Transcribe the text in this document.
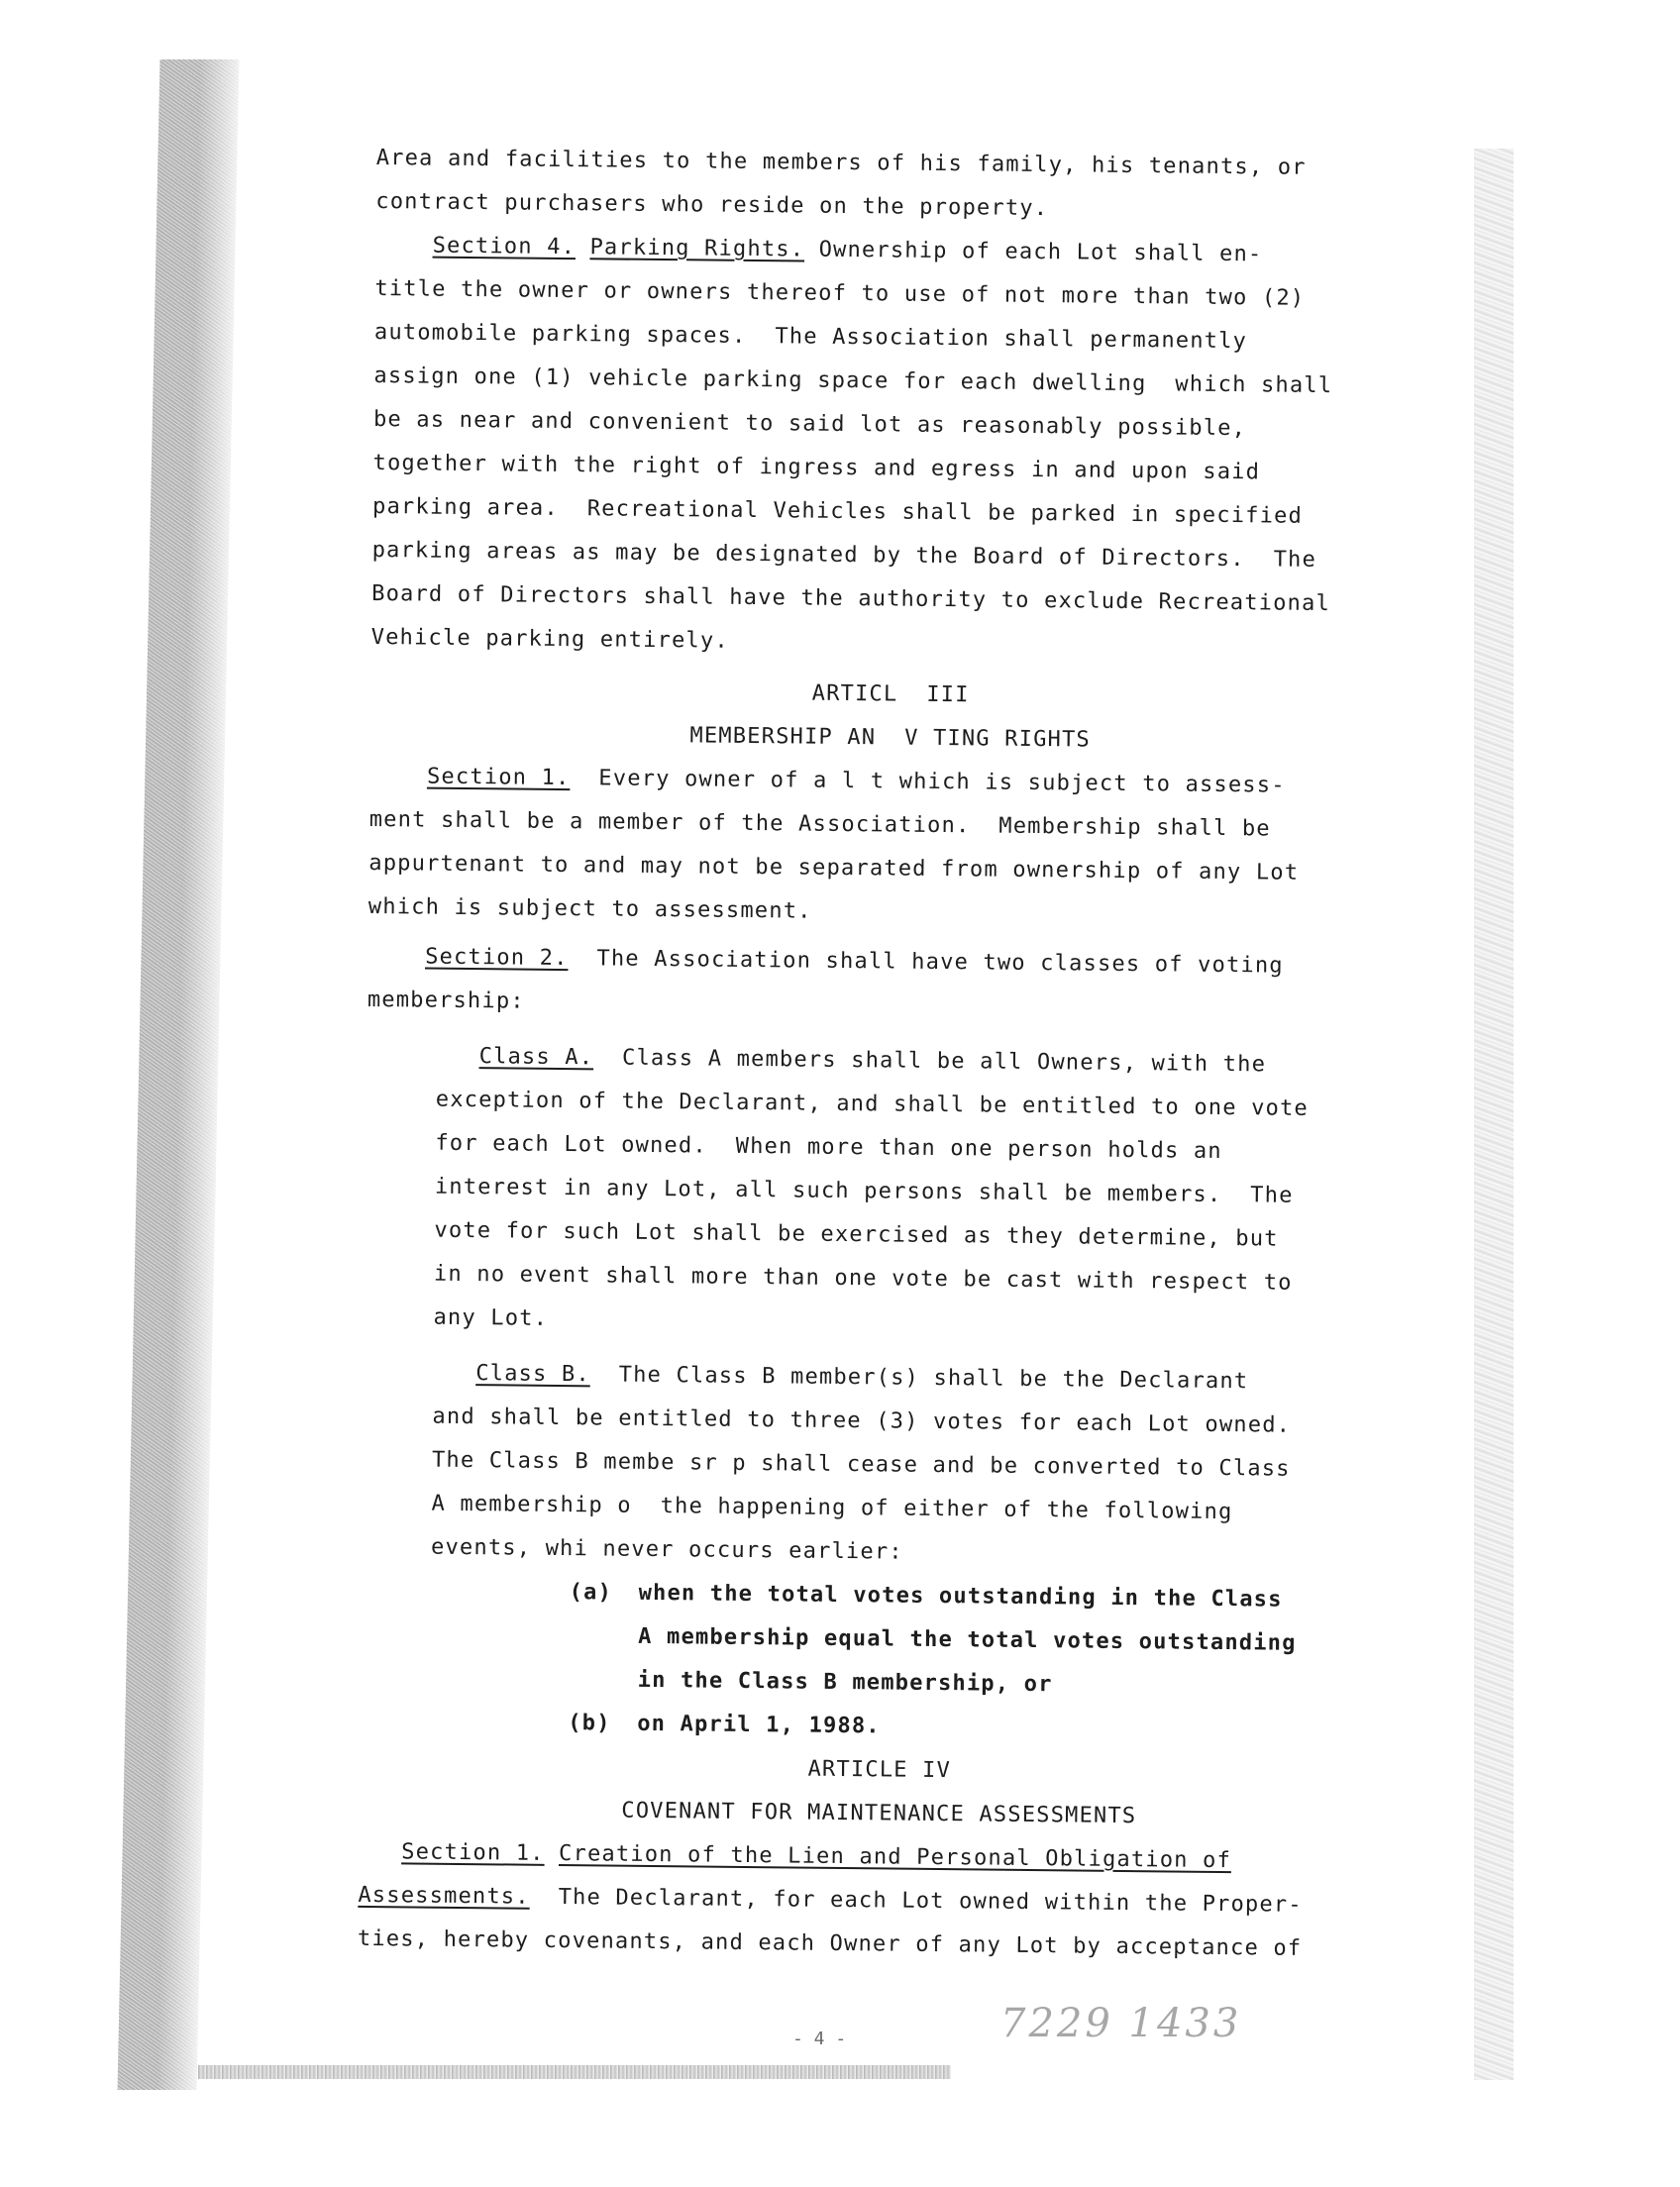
Area and facilities to the members of his family, his tenants, or

contract purchasers who reside on the property.

Section 4. Parking Rights. Ownership of each Lot shall en-

title the owner or owners thereof to use of not more than two (2)

automobile parking spaces.  The Association shall permanently

assign one (1) vehicle parking space for each dwelling  which shall

be as near and convenient to said lot as reasonably possible,

together with the right of ingress and egress in and upon said

parking area.  Recreational Vehicles shall be parked in specified

parking areas as may be designated by the Board of Directors.  The

Board of Directors shall have the authority to exclude Recreational

Vehicle parking entirely.

ARTICL  III

MEMBERSHIP AN  V TING RIGHTS

Section 1.  Every owner of a l t which is subject to assess-

ment shall be a member of the Association.  Membership shall be

appurtenant to and may not be separated from ownership of any Lot

which is subject to assessment.

Section 2.  The Association shall have two classes of voting

membership:

Class A.  Class A members shall be all Owners, with the

exception of the Declarant, and shall be entitled to one vote

for each Lot owned.  When more than one person holds an

interest in any Lot, all such persons shall be members.  The

vote for such Lot shall be exercised as they determine, but

in no event shall more than one vote be cast with respect to

any Lot.

Class B.  The Class B member(s) shall be the Declarant

and shall be entitled to three (3) votes for each Lot owned.

The Class B membe sr p shall cease and be converted to Class

A membership o  the happening of either of the following

events, whi never occurs earlier:

(a)	when the total votes outstanding in the Class
A membership equal the total votes outstanding
in the Class B membership, or
(b)	on April 1, 1988.

ARTICLE IV

COVENANT FOR MAINTENANCE ASSESSMENTS

Section 1. Creation of the Lien and Personal Obligation of

Assessments.  The Declarant, for each Lot owned within the Proper-

ties, hereby covenants, and each Owner of any Lot by acceptance of

- 4 -	7229 1433
